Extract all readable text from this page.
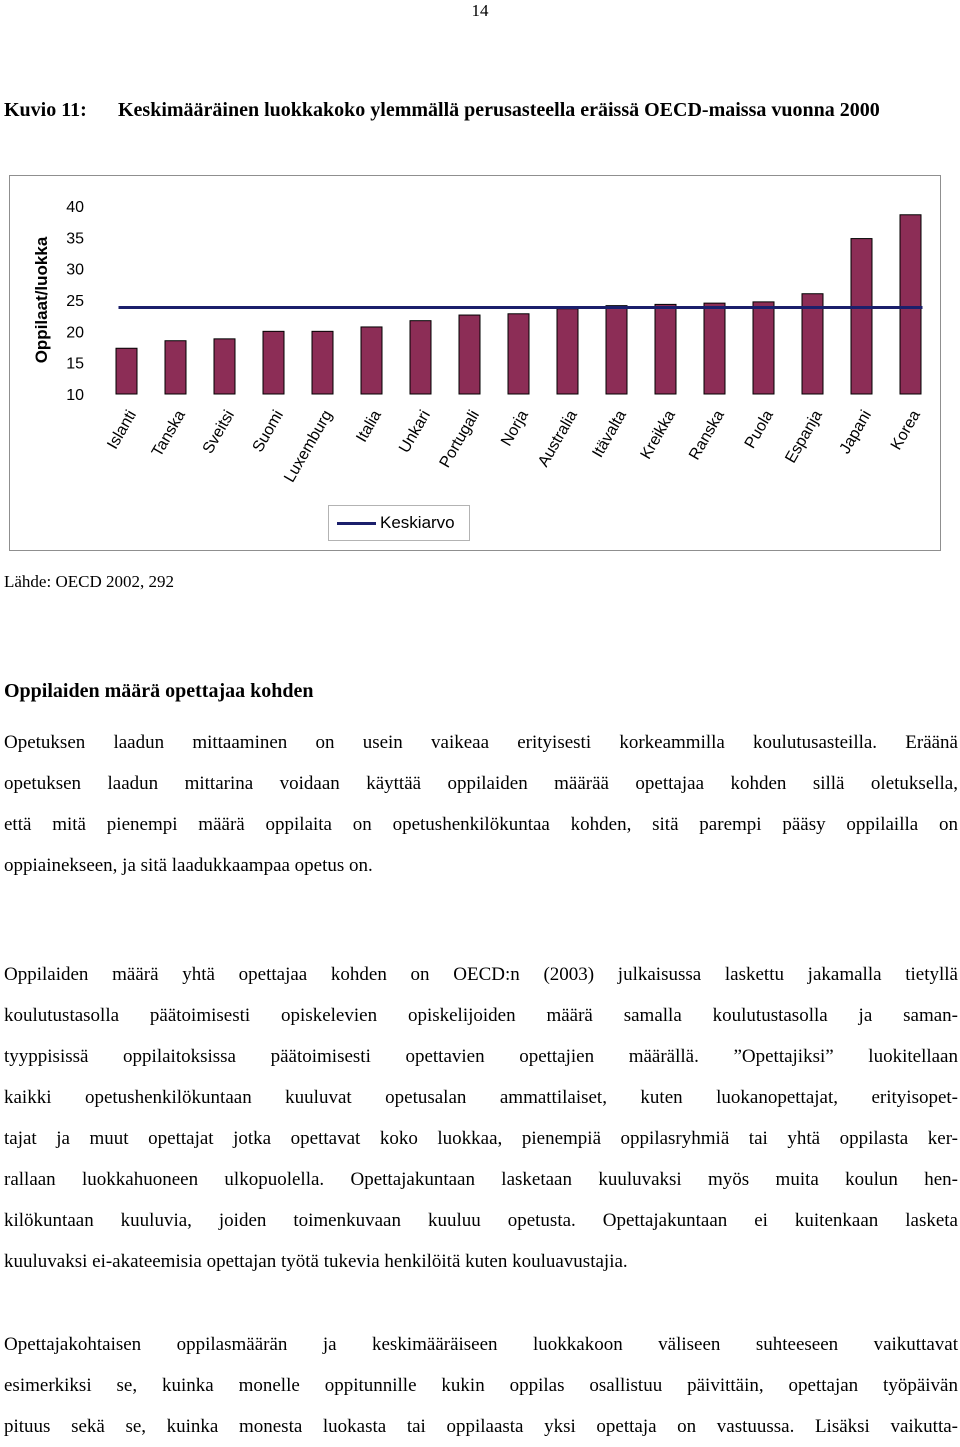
14
Kuvio 11: Keskimääräinen luokkakoko ylemmällä perusasteella eräissä OECD-maissa vuonna 2000
Oppilaat/luokka
10
15
20
25
30
35
40
Islanti Tanska Sveitsi Suomi
Luxemburg Italia Unkari Portugali Norja Australia Itävalta Kreikka Ranska Puola Espanja Japani Korea
Keskiarvo
Lähde: OECD 2002, 292
Oppilaiden määrä opettajaa kohden

Opetuksen laadun mittaaminen on usein vaikeaa erityisesti korkeammilla koulutusasteilla. Eräänä
opetuksen laadun mittarina voidaan käyttää oppilaiden määrää opettajaa kohden sillä oletuksella,
että mitä pienempi määrä oppilaita on opetushenkilökuntaa kohden, sitä parempi pääsy oppilailla on
oppiainekseen, ja sitä laadukkaampaa opetus on.

Oppilaiden määrä yhtä opettajaa kohden on OECD:n (2003) julkaisussa laskettu jakamalla tietyllä
koulutustasolla päätoimisesti opiskelevien opiskelijoiden määrä samalla koulutustasolla ja saman-
tyyppisissä oppilaitoksissa päätoimisesti opettavien opettajien määrällä. ”Opettajiksi” luokitellaan
kaikki opetushenkilökuntaan kuuluvat opetusalan ammattilaiset, kuten luokanopettajat, erityisopet-
tajat ja muut opettajat jotka opettavat koko luokkaa, pienempiä oppilasryhmiä tai yhtä oppilasta ker-
rallaan luokkahuoneen ulkopuolella. Opettajakuntaan lasketaan kuuluvaksi myös muita koulun hen-
kilökuntaan kuuluvia, joiden toimenkuvaan kuuluu opetusta. Opettajakuntaan ei kuitenkaan lasketa
kuuluvaksi ei-akateemisia opettajan työtä tukevia henkilöitä kuten kouluavustajia.

Opettajakohtaisen oppilasmäärän ja keskimääräiseen luokkakoon väliseen suhteeseen vaikuttavat
esimerkiksi se, kuinka monelle oppitunnille kukin oppilas osallistuu päivittäin, opettajan työpäivän
pituus sekä se, kuinka monesta luokasta tai oppilaasta yksi opettaja on vastuussa. Lisäksi vaikutta-
